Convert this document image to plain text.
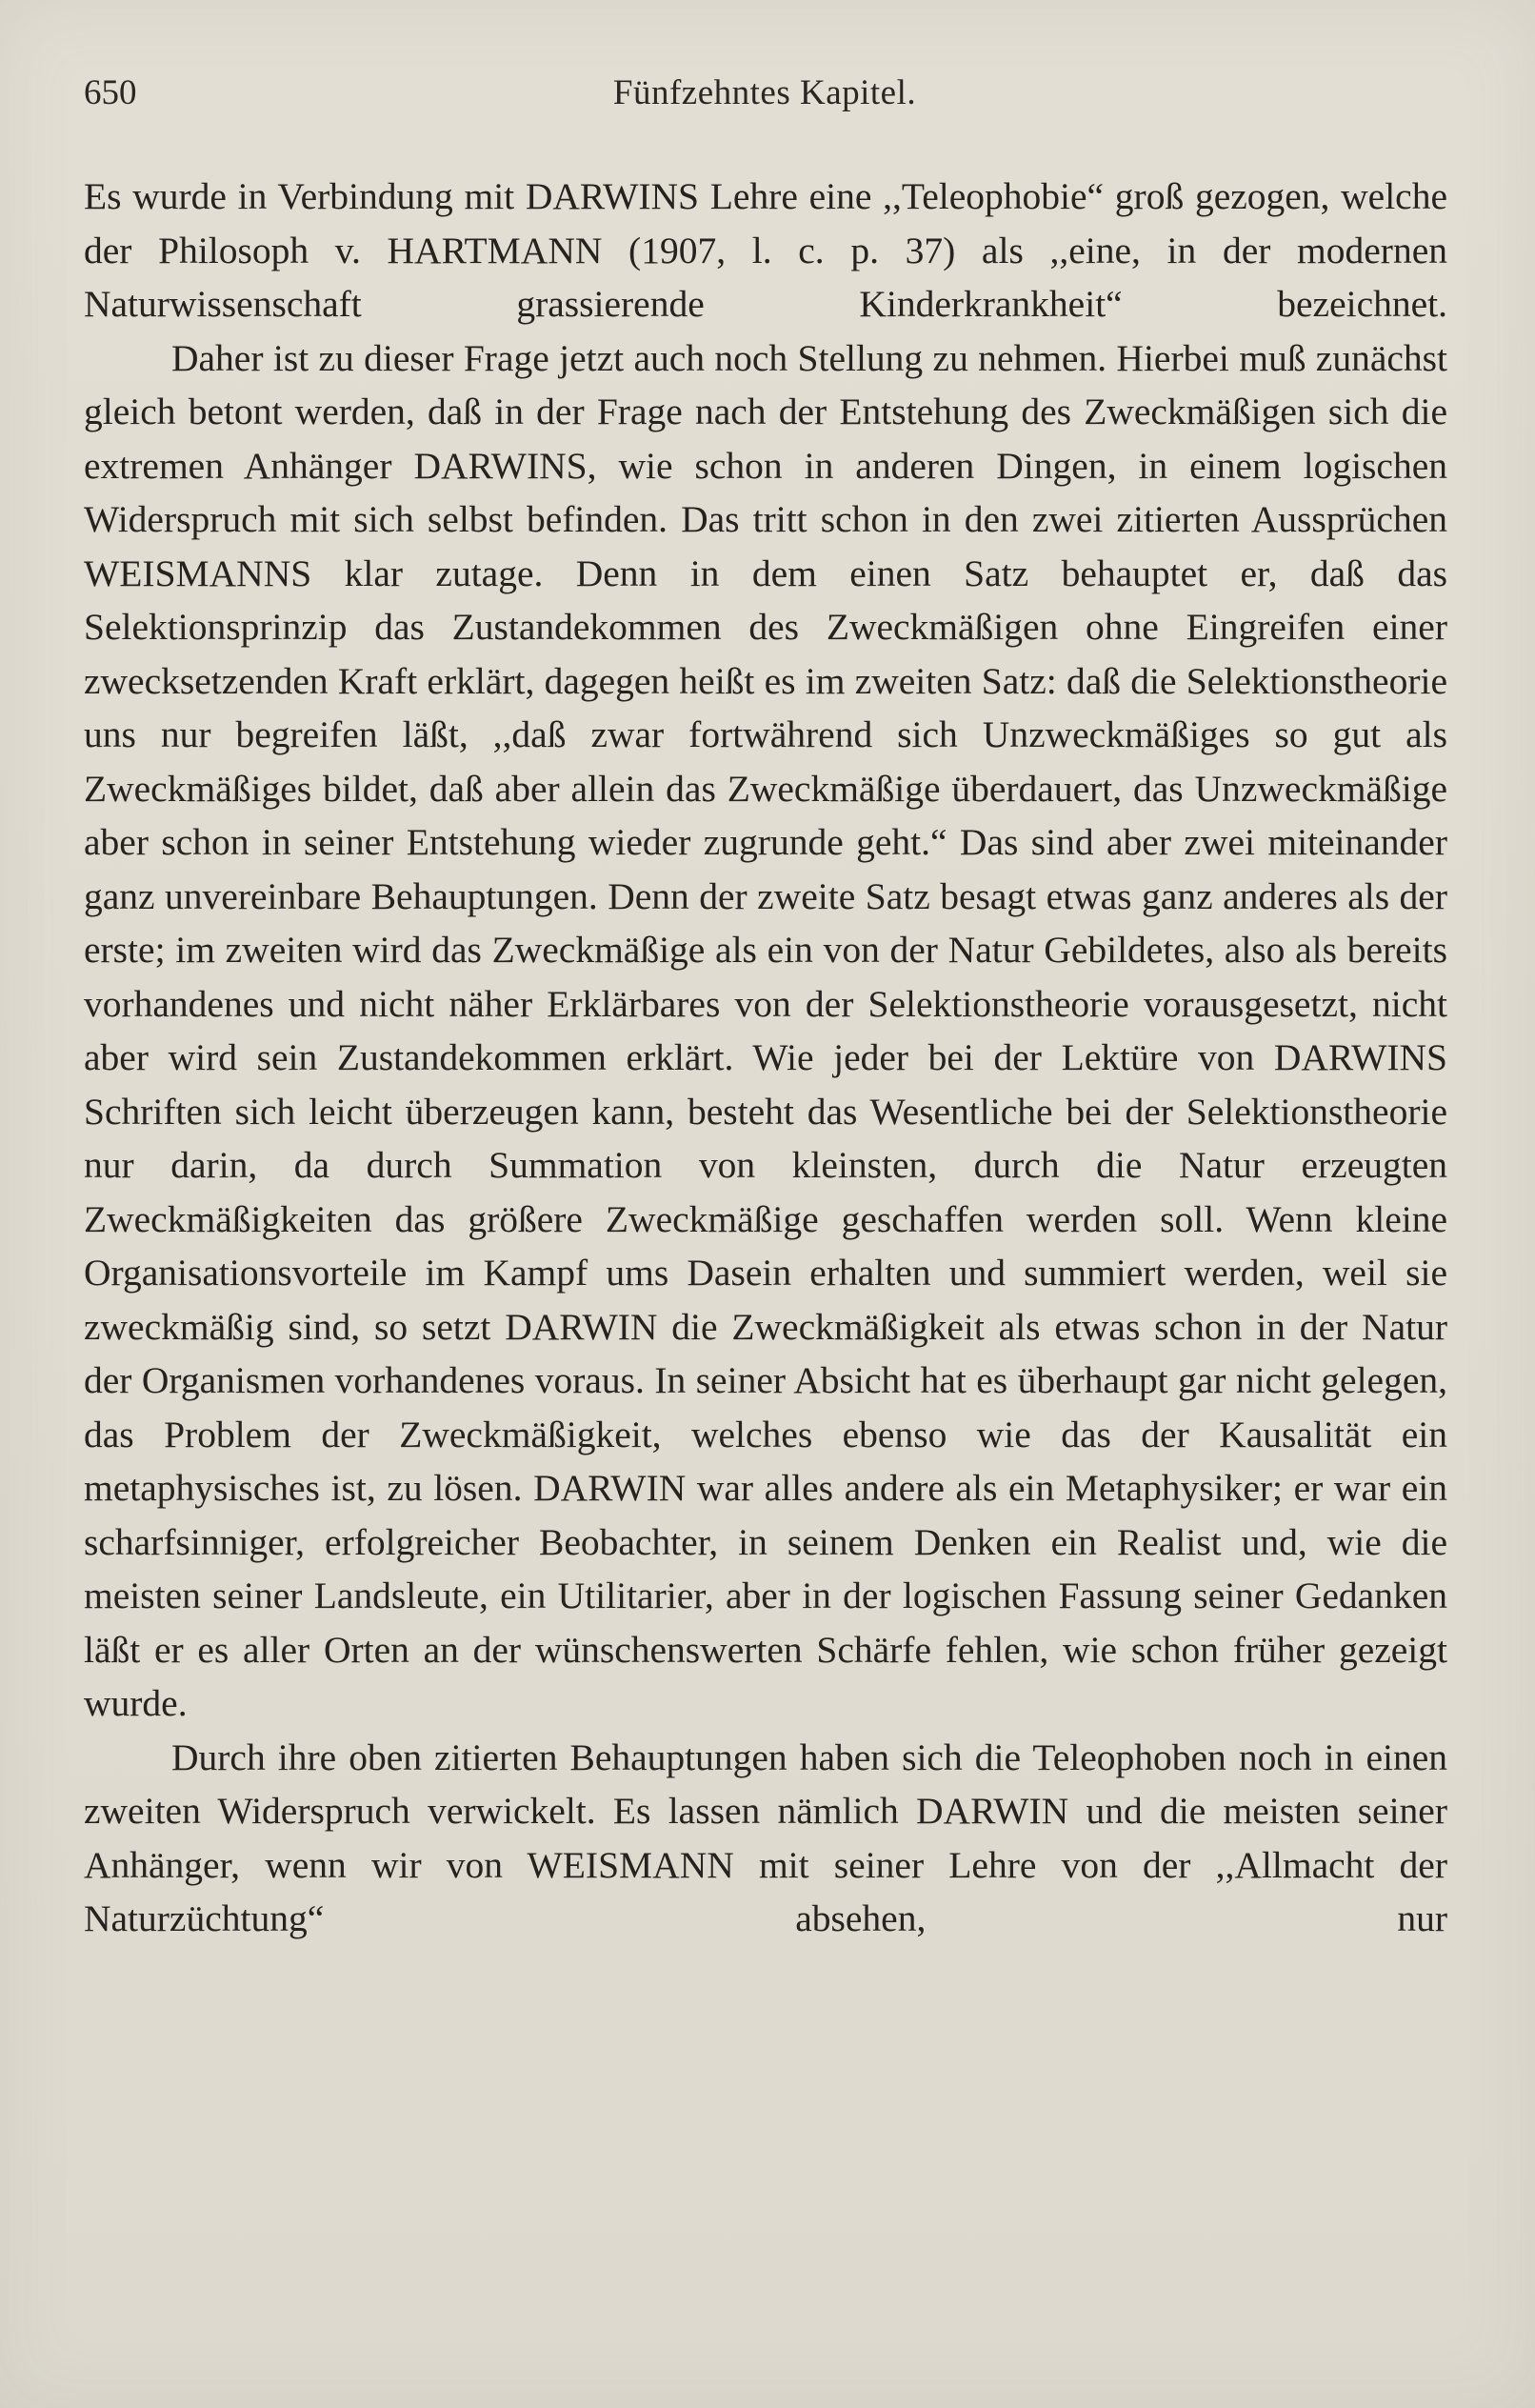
650	Fünfzehntes Kapitel.

Es wurde in Verbindung mit DARWINS Lehre eine ,,Teleophobie“ groß gezogen, welche der Philosoph v. HARTMANN (1907, l. c. p. 37) als ,,eine, in der modernen Naturwissenschaft grassierende Kinderkrankheit“ bezeichnet.

Daher ist zu dieser Frage jetzt auch noch Stellung zu nehmen. Hierbei muß zunächst gleich betont werden, daß in der Frage nach der Entstehung des Zweckmäßigen sich die extremen Anhänger DARWINS, wie schon in anderen Dingen, in einem logischen Widerspruch mit sich selbst befinden. Das tritt schon in den zwei zitierten Aussprüchen WEISMANNS klar zutage. Denn in dem einen Satz behauptet er, daß das Selektionsprinzip das Zustandekommen des Zweckmäßigen ohne Eingreifen einer zwecksetzenden Kraft erklärt, dagegen heißt es im zweiten Satz: daß die Selektionstheorie uns nur begreifen läßt, ,,daß zwar fortwährend sich Unzweckmäßiges so gut als Zweckmäßiges bildet, daß aber allein das Zweckmäßige überdauert, das Unzweckmäßige aber schon in seiner Entstehung wieder zugrunde geht.“ Das sind aber zwei miteinander ganz unvereinbare Behauptungen. Denn der zweite Satz besagt etwas ganz anderes als der erste; im zweiten wird das Zweckmäßige als ein von der Natur Gebildetes, also als bereits vorhandenes und nicht näher Erklärbares von der Selektionstheorie vorausgesetzt, nicht aber wird sein Zustandekommen erklärt. Wie jeder bei der Lektüre von DARWINS Schriften sich leicht überzeugen kann, besteht das Wesentliche bei der Selektionstheorie nur darin, da durch Summation von kleinsten, durch die Natur erzeugten Zweckmäßigkeiten das größere Zweckmäßige geschaffen werden soll. Wenn kleine Organisationsvorteile im Kampf ums Dasein erhalten und summiert werden, weil sie zweckmäßig sind, so setzt DARWIN die Zweckmäßigkeit als etwas schon in der Natur der Organismen vorhandenes voraus. In seiner Absicht hat es überhaupt gar nicht gelegen, das Problem der Zweckmäßigkeit, welches ebenso wie das der Kausalität ein metaphysisches ist, zu lösen. DARWIN war alles andere als ein Metaphysiker; er war ein scharfsinniger, erfolgreicher Beobachter, in seinem Denken ein Realist und, wie die meisten seiner Landsleute, ein Utilitarier, aber in der logischen Fassung seiner Gedanken läßt er es aller Orten an der wünschenswerten Schärfe fehlen, wie schon früher gezeigt wurde.

Durch ihre oben zitierten Behauptungen haben sich die Teleophoben noch in einen zweiten Widerspruch verwickelt. Es lassen nämlich DARWIN und die meisten seiner Anhänger, wenn wir von WEISMANN mit seiner Lehre von der ,,Allmacht der Naturzüchtung“ absehen, nur
